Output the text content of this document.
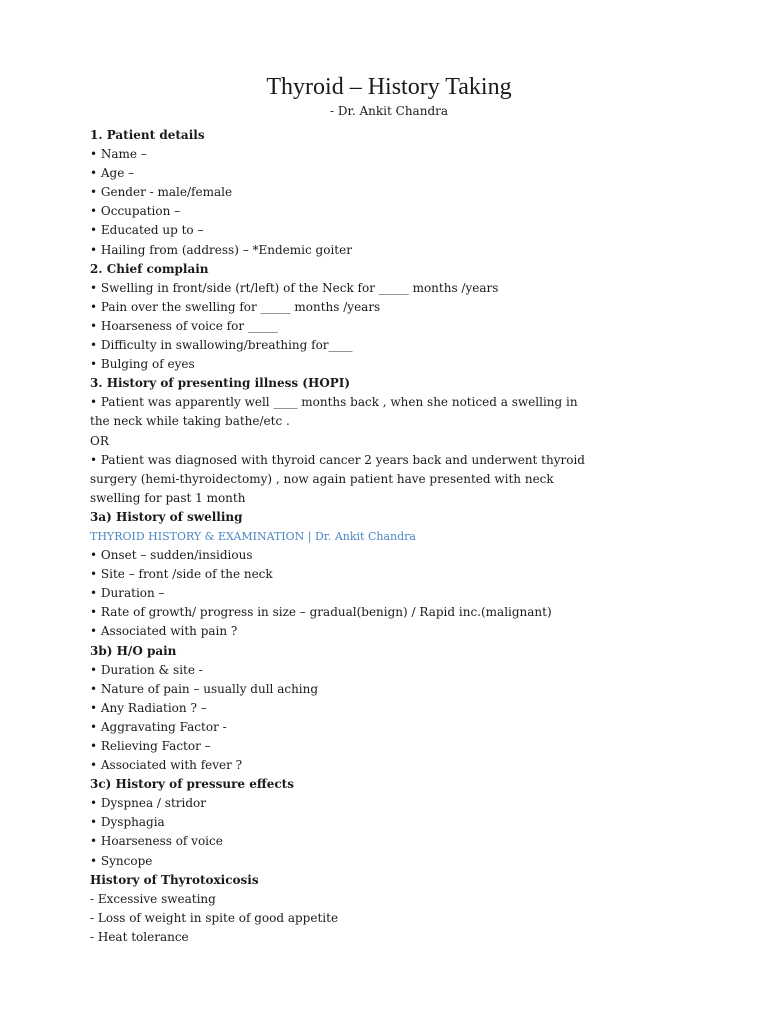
Thyroid – History Taking
- Dr. Ankit Chandra
1. Patient details
• Name –
• Age –
• Gender - male/female
• Occupation –
• Educated up to –
• Hailing from (address) – *Endemic goiter
2. Chief complain
• Swelling in front/side (rt/left) of the Neck for _____ months /years
• Pain over the swelling for _____ months /years
• Hoarseness of voice for _____
• Difficulty in swallowing/breathing for____
• Bulging of eyes
3. History of presenting illness (HOPI)
• Patient was apparently well ____ months back , when she noticed a swelling in
the neck while taking bathe/etc .
OR
• Patient was diagnosed with thyroid cancer 2 years back and underwent thyroid
surgery (hemi-thyroidectomy) , now again patient have presented with neck
swelling for past 1 month
3a) History of swelling
THYROID HISTORY & EXAMINATION | Dr. Ankit Chandra
• Onset – sudden/insidious
• Site – front /side of the neck
• Duration –
• Rate of growth/ progress in size – gradual(benign) / Rapid inc.(malignant)
• Associated with pain ?
3b) H/O pain
• Duration & site -
• Nature of pain – usually dull aching
• Any Radiation ? –
• Aggravating Factor -
• Relieving Factor –
• Associated with fever ?
3c) History of pressure effects
• Dyspnea / stridor
• Dysphagia
• Hoarseness of voice
• Syncope
History of Thyrotoxicosis
- Excessive sweating
- Loss of weight in spite of good appetite
- Heat tolerance
